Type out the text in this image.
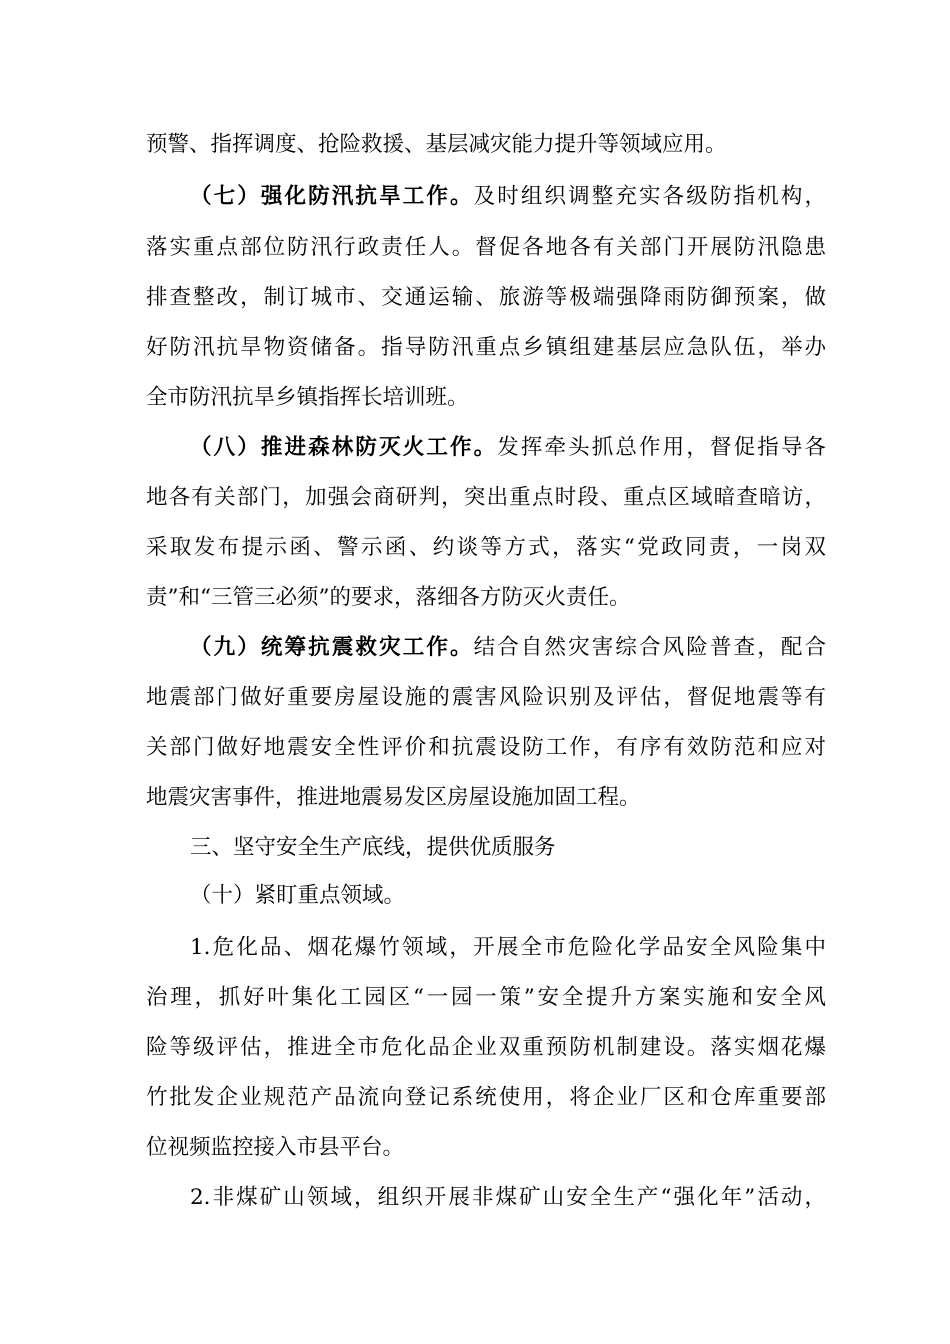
预警、指挥调度、抢险救援、基层减灾能力提升等领域应用。
（七）强化防汛抗旱工作。及时组织调整充实各级防指机构，
落实重点部位防汛行政责任人。督促各地各有关部门开展防汛隐患
排查整改，制订城市、交通运输、旅游等极端强降雨防御预案，做
好防汛抗旱物资储备。指导防汛重点乡镇组建基层应急队伍，举办
全市防汛抗旱乡镇指挥长培训班。
（八）推进森林防灭火工作。发挥牵头抓总作用，督促指导各
地各有关部门，加强会商研判，突出重点时段、重点区域暗查暗访，
采取发布提示函、警示函、约谈等方式，落实“党政同责，一岗双
责”和“三管三必须”的要求，落细各方防灭火责任。
（九）统筹抗震救灾工作。结合自然灾害综合风险普查，配合
地震部门做好重要房屋设施的震害风险识别及评估，督促地震等有
关部门做好地震安全性评价和抗震设防工作，有序有效防范和应对
地震灾害事件，推进地震易发区房屋设施加固工程。
三、坚守安全生产底线，提供优质服务
（十）紧盯重点领域。
1.危化品、烟花爆竹领域，开展全市危险化学品安全风险集中
治理，抓好叶集化工园区“一园一策”安全提升方案实施和安全风
险等级评估，推进全市危化品企业双重预防机制建设。落实烟花爆
竹批发企业规范产品流向登记系统使用，将企业厂区和仓库重要部
位视频监控接入市县平台。
2.非煤矿山领域，组织开展非煤矿山安全生产“强化年”活动，
